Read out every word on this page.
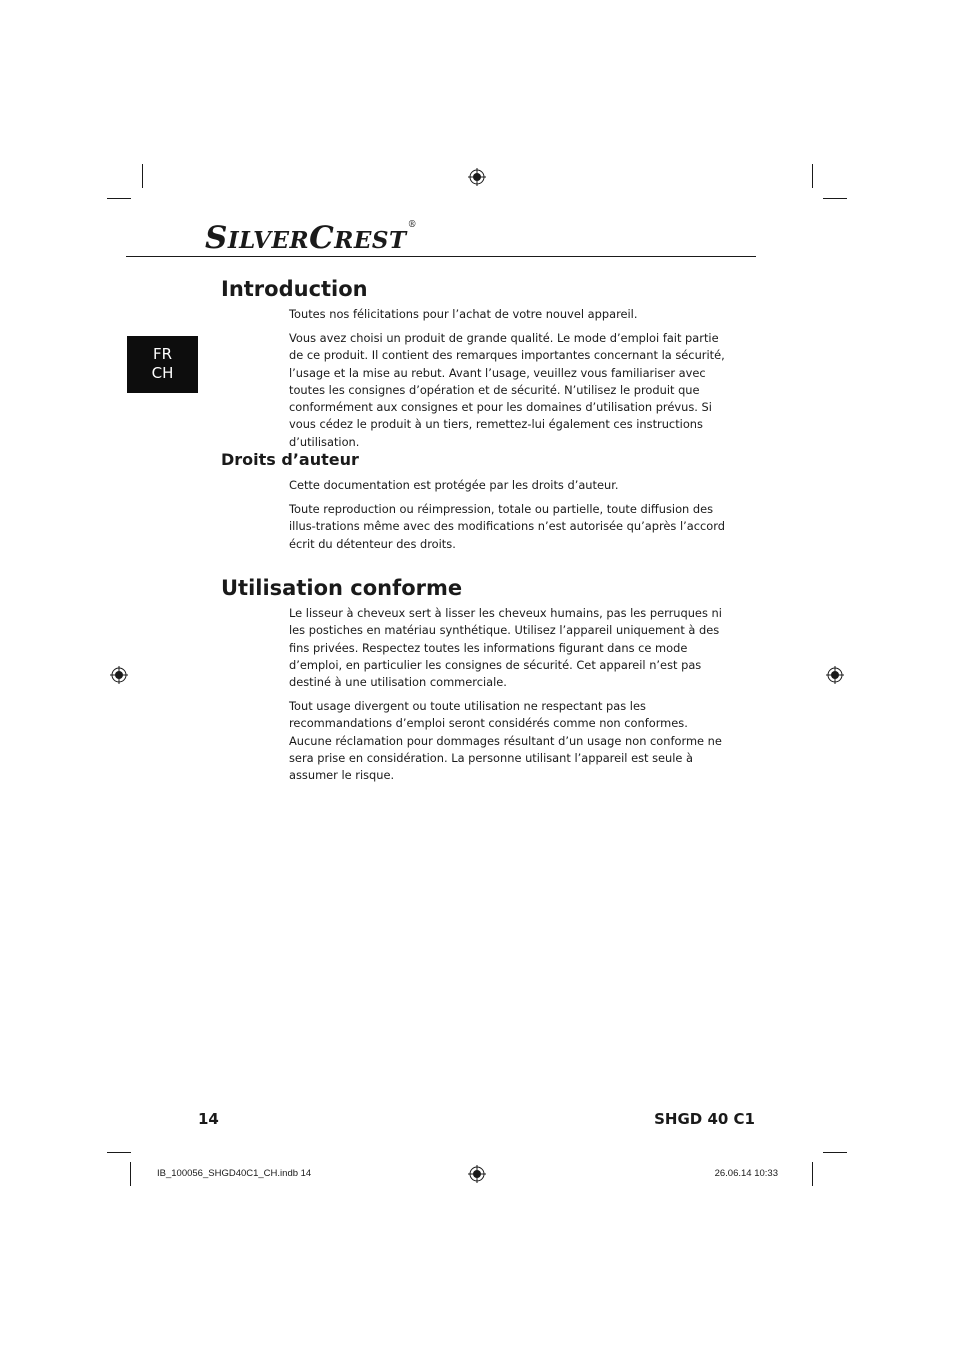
SILVERCREST®
FR
CH
Introduction

Toutes nos félicitations pour l’achat de votre nouvel appareil.

Vous avez choisi un produit de grande qualité. Le mode d’emploi fait partie de ce produit. Il contient des remarques importantes concernant la sécurité, l’usage et la mise au rebut. Avant l’usage, veuillez vous familiariser avec toutes les consignes d’opération et de sécurité. N’utilisez le produit que conformément aux consignes et pour les domaines d’utilisation prévus. Si vous cédez le produit à un tiers, remettez-lui également ces instructions d’utilisation.

Droits d’auteur

Cette documentation est protégée par les droits d’auteur.

Toute reproduction ou réimpression, totale ou partielle, toute diffusion des illus-trations même avec des modifications n’est autorisée qu’après l’accord écrit du détenteur des droits.

Utilisation conforme

Le lisseur à cheveux sert à lisser les cheveux humains, pas les perruques ni les postiches en matériau synthétique. Utilisez l’appareil uniquement à des fins privées. Respectez toutes les informations figurant dans ce mode d’emploi, en particulier les consignes de sécurité. Cet appareil n’est pas destiné à une utilisation commerciale.

Tout usage divergent ou toute utilisation ne respectant pas les recommandations d’emploi seront considérés comme non conformes. Aucune réclamation pour dommages résultant d’un usage non conforme ne sera prise en considération. La personne utilisant l’appareil est seule à assumer le risque.

14	SHGD 40 C1
IB_100056_SHGD40C1_CH.indb 14	26.06.14 10:33
